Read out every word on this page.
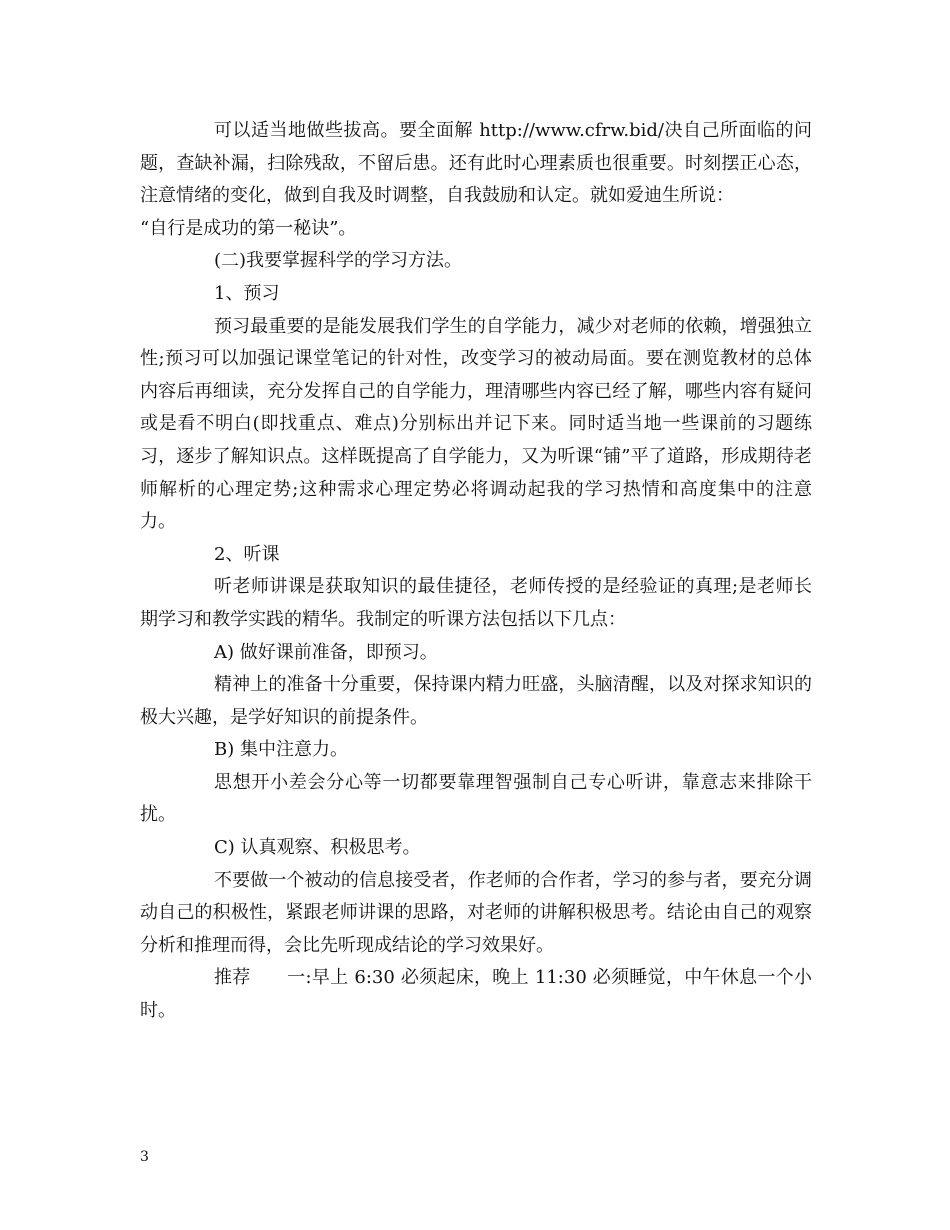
可以适当地做些拔高。要全面解 http://www.cfrw.bid/决自己所面临的问题，查缺补漏，扫除残敌，不留后患。还有此时心理素质也很重要。时刻摆正心态，注意情绪的变化，做到自我及时调整，自我鼓励和认定。就如爱迪生所说：

“自行是成功的第一秘诀”。

(二)我要掌握科学的学习方法。

1、预习

预习最重要的是能发展我们学生的自学能力，减少对老师的依赖，增强独立性;预习可以加强记课堂笔记的针对性，改变学习的被动局面。要在测览教材的总体内容后再细读，充分发挥自己的自学能力，理清哪些内容已经了解，哪些内容有疑问或是看不明白(即找重点、难点)分别标出并记下来。同时适当地一些课前的习题练习，逐步了解知识点。这样既提高了自学能力，又为听课“铺”平了道路，形成期待老师解析的心理定势;这种需求心理定势必将调动起我的学习热情和高度集中的注意力。

2、听课

听老师讲课是获取知识的最佳捷径，老师传授的是经验证的真理;是老师长期学习和教学实践的精华。我制定的听课方法包括以下几点：

A) 做好课前准备，即预习。

精神上的准备十分重要，保持课内精力旺盛，头脑清醒，以及对探求知识的极大兴趣，是学好知识的前提条件。

B) 集中注意力。

思想开小差会分心等一切都要靠理智强制自己专心听讲，靠意志来排除干扰。

C) 认真观察、积极思考。

不要做一个被动的信息接受者，作老师的合作者，学习的参与者，要充分调动自己的积极性，紧跟老师讲课的思路，对老师的讲解积极思考。结论由自己的观察分析和推理而得，会比先听现成结论的学习效果好。

推荐　　一:早上 6:30 必须起床，晚上 11:30 必须睡觉，中午休息一个小时。

3
